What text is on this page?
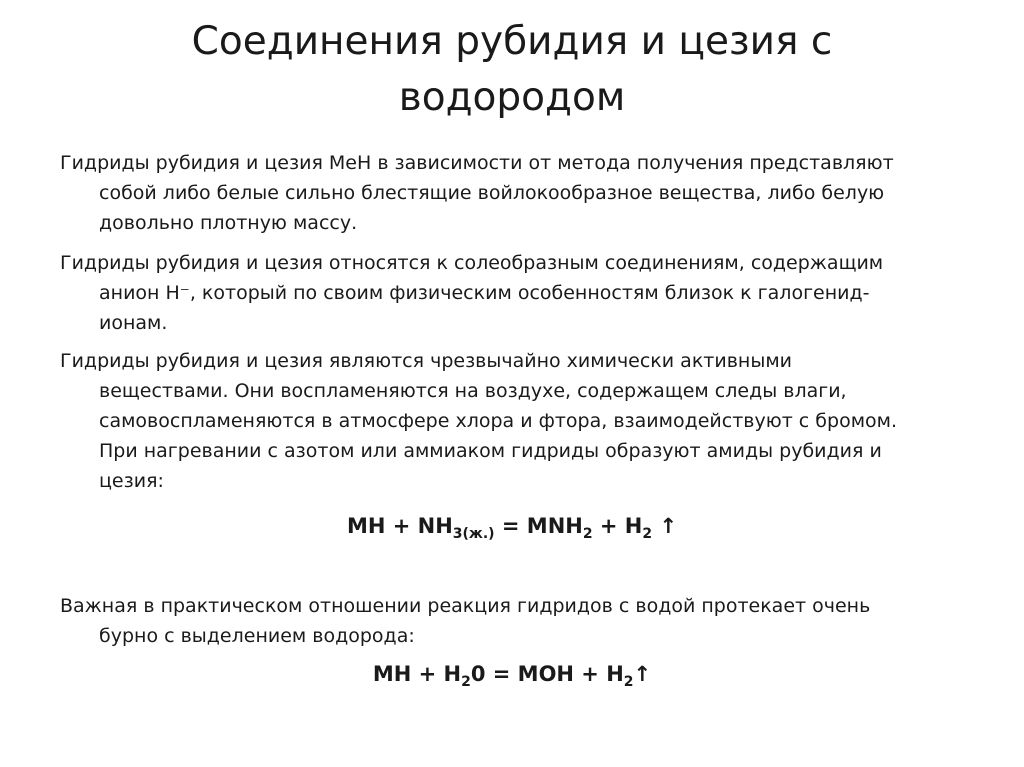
Соединения рубидия и цезия с
водородом
Гидриды рубидия и цезия MeH в зависимости от метода получения представляют
собой либо белые сильно блестящие войлокообразное вещества, либо белую
довольно плотную массу.
Гидриды рубидия и цезия относятся к солеобразным соединениям, содержащим
анион H⁻, который по своим физическим особенностям близок к галогенид-
ионам.
Гидриды рубидия и цезия являются чрезвычайно химически активными
веществами. Они воспламеняются на воздухе, содержащем следы влаги,
самовоспламеняются в атмосфере хлора и фтора, взаимодействуют с бромом.
При нагревании с азотом или аммиаком гидриды образуют амиды рубидия и
цезия:
MH + $NH_{3(ж.)} = MNH_2 + H_2$ ↑
Важная в практическом отношении реакция гидридов с водой протекает очень
бурно с выделением водорода:
MH + $H_20$ = MOH + $H_2↑$
